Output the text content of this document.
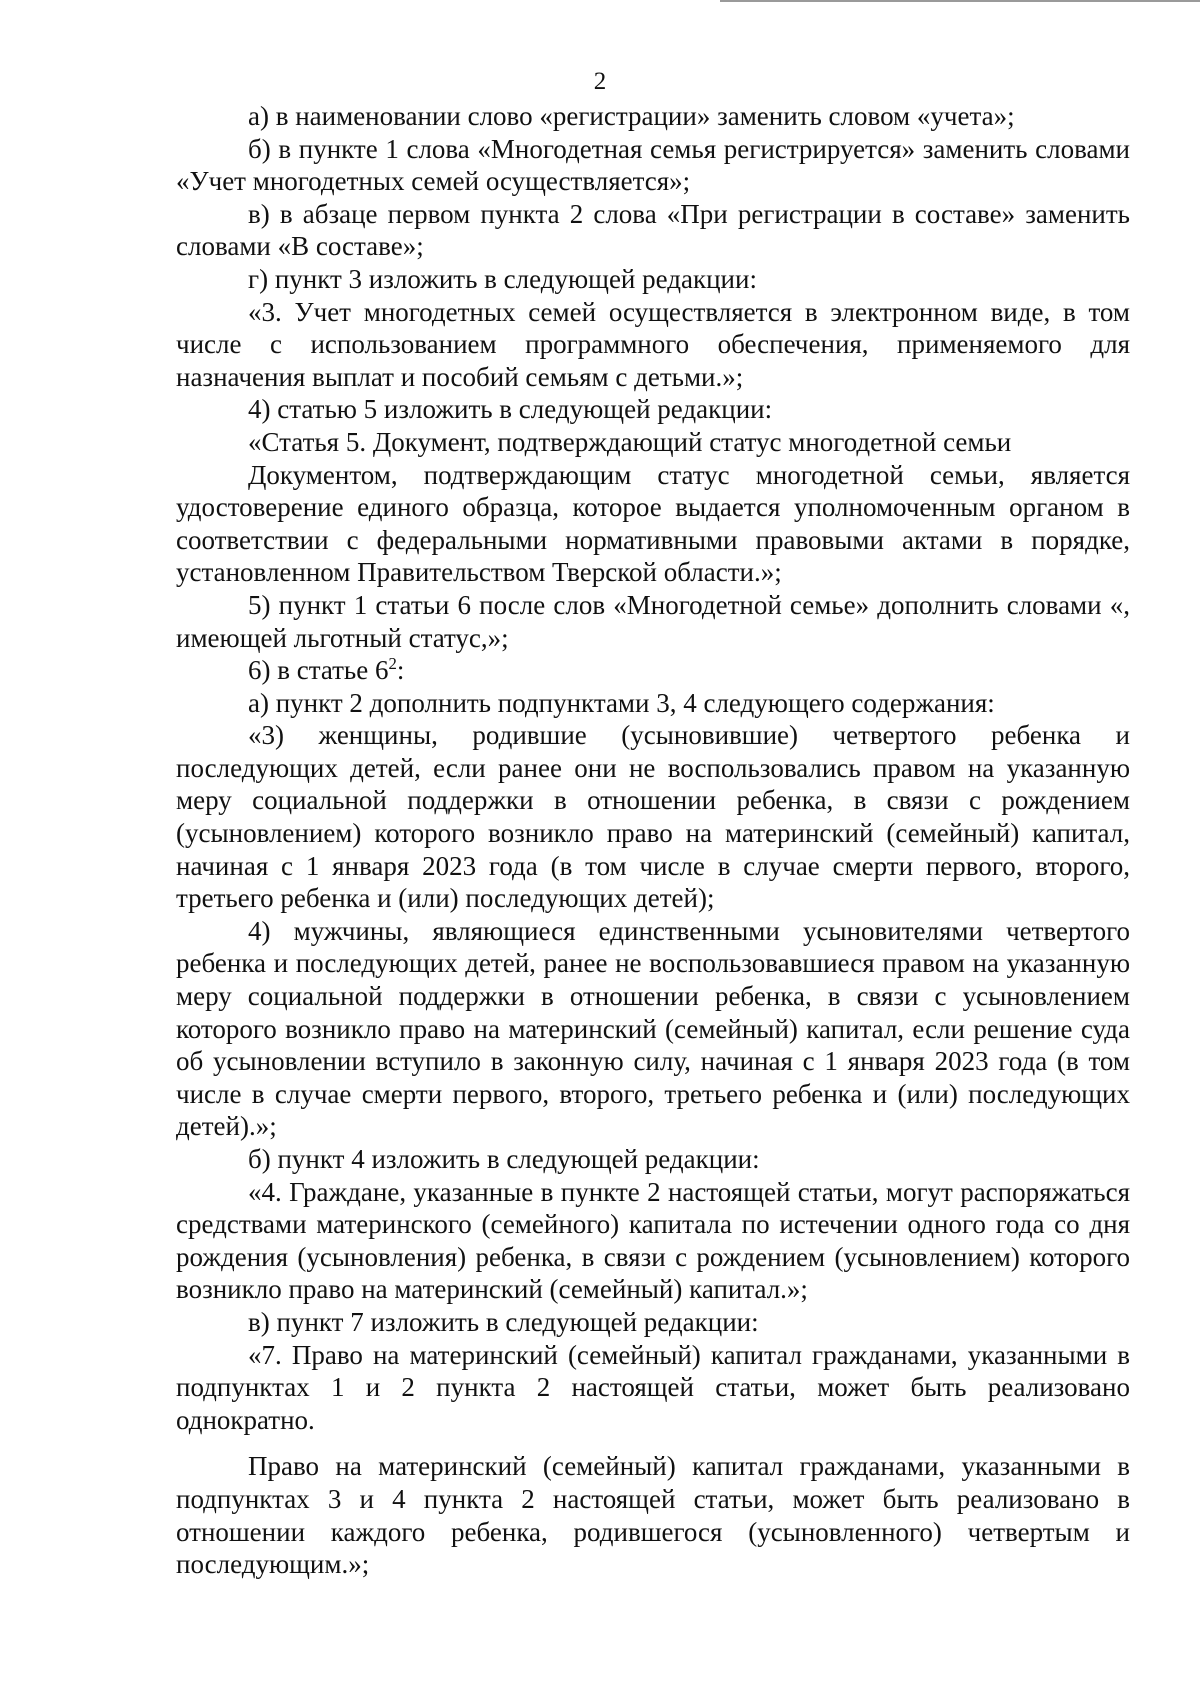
2

а) в наименовании слово «регистрации» заменить словом «учета»;

б) в пункте 1 слова «Многодетная семья регистрируется» заменить словами «Учет многодетных семей осуществляется»;

в) в абзаце первом пункта 2 слова «При регистрации в составе» заменить словами «В составе»;

г) пункт 3 изложить в следующей редакции:

«3. Учет многодетных семей осуществляется в электронном виде, в том числе с использованием программного обеспечения, применяемого для назначения выплат и пособий семьям с детьми.»;

4) статью 5 изложить в следующей редакции:

«Статья 5. Документ, подтверждающий статус многодетной семьи

Документом, подтверждающим статус многодетной семьи, является удостоверение единого образца, которое выдается уполномоченным органом в соответствии с федеральными нормативными правовыми актами в порядке, установленном Правительством Тверской области.»;

5) пункт 1 статьи 6 после слов «Многодетной семье» дополнить словами «, имеющей льготный статус,»;

6) в статье $6^2$:

а) пункт 2 дополнить подпунктами 3, 4 следующего содержания:

«3) женщины, родившие (усыновившие) четвертого ребенка и последующих детей, если ранее они не воспользовались правом на указанную меру социальной поддержки в отношении ребенка, в связи с рождением (усыновлением) которого возникло право на материнский (семейный) капитал, начиная с 1 января 2023 года (в том числе в случае смерти первого, второго, третьего ребенка и (или) последующих детей);

4) мужчины, являющиеся единственными усыновителями четвертого ребенка и последующих детей, ранее не воспользовавшиеся правом на указанную меру социальной поддержки в отношении ребенка, в связи с усыновлением которого возникло право на материнский (семейный) капитал, если решение суда об усыновлении вступило в законную силу, начиная с 1 января 2023 года (в том числе в случае смерти первого, второго, третьего ребенка и (или) последующих детей).»;

б) пункт 4 изложить в следующей редакции:

«4. Граждане, указанные в пункте 2 настоящей статьи, могут распоряжаться средствами материнского (семейного) капитала по истечении одного года со дня рождения (усыновления) ребенка, в связи с рождением (усыновлением) которого возникло право на материнский (семейный) капитал.»;

в) пункт 7 изложить в следующей редакции:

«7. Право на материнский (семейный) капитал гражданами, указанными в подпунктах 1 и 2 пункта 2 настоящей статьи, может быть реализовано однократно.

Право на материнский (семейный) капитал гражданами, указанными в подпунктах 3 и 4 пункта 2 настоящей статьи, может быть реализовано в отношении каждого ребенка, родившегося (усыновленного) четвертым и последующим.»;
